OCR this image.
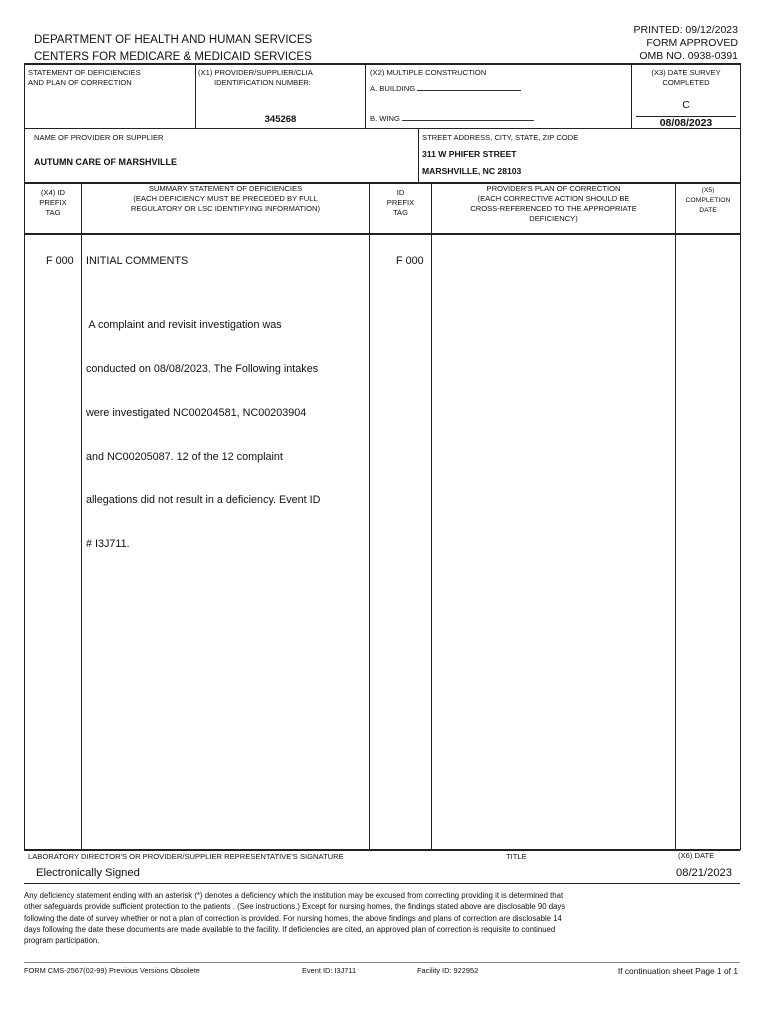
DEPARTMENT OF HEALTH AND HUMAN SERVICES
CENTERS FOR MEDICARE & MEDICAID SERVICES
PRINTED: 09/12/2023
FORM APPROVED
OMB NO. 0938-0391
STATEMENT OF DEFICIENCIES
AND PLAN OF CORRECTION
(X1) PROVIDER/SUPPLIER/CLIA
IDENTIFICATION NUMBER:
345268
(X2) MULTIPLE CONSTRUCTION
A. BUILDING
B. WING
(X3) DATE SURVEY
COMPLETED
C
08/08/2023
NAME OF PROVIDER OR SUPPLIER
AUTUMN CARE OF MARSHVILLE
STREET ADDRESS, CITY, STATE, ZIP CODE
311 W PHIFER STREET
MARSHVILLE, NC 28103
(X4) ID
PREFIX
TAG
SUMMARY STATEMENT OF DEFICIENCIES
(EACH DEFICIENCY MUST BE PRECEDED BY FULL
REGULATORY OR LSC IDENTIFYING INFORMATION)
ID
PREFIX
TAG
PROVIDER'S PLAN OF CORRECTION
(EACH CORRECTIVE ACTION SHOULD BE
CROSS-REFERENCED TO THE APPROPRIATE
DEFICIENCY)
(X5)
COMPLETION
DATE
F 000 INITIAL COMMENTS	F 000

A complaint and revisit investigation was

conducted on 08/08/2023. The Following intakes

were investigated NC00204581, NC00203904

and NC00205087. 12 of the 12 complaint

allegations did not result in a deficiency. Event ID

# I3J711.

LABORATORY DIRECTOR'S OR PROVIDER/SUPPLIER REPRESENTATIVE'S SIGNATURE	TITLE	(X6) DATE
Electronically Signed	08/21/2023
Any deficiency statement ending with an asterisk (*) denotes a deficiency which the institution may be excused from correcting providing it is determined that
other safeguards provide sufficient protection to the patients . (See instructions.) Except for nursing homes, the findings stated above are disclosable 90 days
following the date of survey whether or not a plan of correction is provided. For nursing homes, the above findings and plans of correction are disclosable 14
days following the date these documents are made available to the facility. If deficiencies are cited, an approved plan of correction is requisite to continued
program participation.
FORM CMS-2567(02-99) Previous Versions Obsolete	Event ID: I3J711	Facility ID: 922952	If continuation sheet Page 1 of 1
